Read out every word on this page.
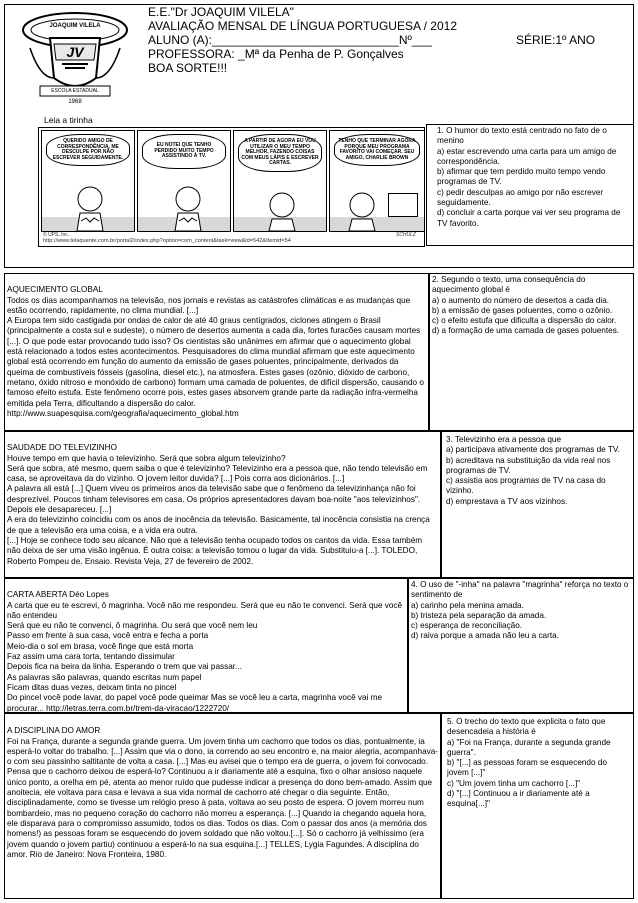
JOAQUIM VILELA
JV
ESCOLA ESTADUAL
1968
E.E."Dr JOAQUIM VILELA"
AVALIAÇÃO MENSAL DE LÍNGUA PORTUGUESA / 2012
ALUNO (A):____________________________Nº___	SÉRIE:1º ANO
PROFESSORA: _Mª da Penha de P. Gonçalves
BOA SORTE!!!
Leia a tirinha
QUERIDO AMIGO DE CORRESPONDÊNCIA, ME DESCULPE POR NÃO ESCREVER SEGUIDAMENTE.
EU NOTEI QUE TENHO PERDIDO MUITO TEMPO ASSISTINDO À TV.
A PARTIR DE AGORA EU VOU UTILIZAR O MEU TEMPO MELHOR, FAZENDO COISAS COM MEUS LÁPIS E ESCREVER CARTAS.
TENHO QUE TERMINAR AGORA PORQUE MEU PROGRAMA FAVORITO VAI COMEÇAR. SEU AMIGO, CHARLIE BROWN
© UPS, Inc.	SCHULZ
http://www.telaquente.com.br/portal2/index.php?option=com_content&task=view&id=542&Itemid=54
1. O humor do texto está centrado no fato de o menino
a) estar escrevendo uma carta para um amigo de correspondência.
b) afirmar que tem perdido muito tempo vendo programas de TV.
c) pedir desculpas ao amigo por não escrever seguidamente.
d) concluir a carta porque vai ver seu programa de TV favorito.

AQUECIMENTO GLOBAL
Todos os dias acompanhamos na televisão, nos jornais e revistas as catástrofes climáticas e as mudanças que estão ocorrendo, rapidamente, no clima mundial. [...]
A Europa tem sido castigada por ondas de calor de até 40 graus centígrados, ciclones atingem o Brasil (principalmente a costa sul e sudeste), o número de desertos aumenta a cada dia, fortes furacões causam mortes [...]. O que pode estar provocando tudo isso? Os cientistas são unânimes em afirmar que o aquecimento global está relacionado a todos estes acontecimentos. Pesquisadores do clima mundial afirmam que este aquecimento global está ocorrendo em função do aumento da emissão de gases poluentes, principalmente, derivados da queima de combustíveis fósseis (gasolina, diesel etc.), na atmosfera. Estes gases (ozônio, dióxido de carbono, metano, óxido nitroso e monóxido de carbono) formam uma camada de poluentes, de difícil dispersão, causando o famoso efeito estufa. Este fenômeno ocorre pois, estes gases absorvem grande parte da radiação infra-vermelha emitida pela Terra, dificultando a dispersão do calor. http://www.suapesquisa.com/geografia/aquecimento_global.htm

2. Segundo o texto, uma consequência do aquecimento global é
a) o aumento do número de desertos a cada dia.
b) a emissão de gases poluentes, como o ozônio.
c) o efeito estufa que dificulta a dispersão do calor.
d) a formação de uma camada de gases poluentes.

SAUDADE DO TELEVIZINHO
Houve tempo em que havia o televizinho. Será que sobra algum televizinho?
Será que sobra, até mesmo, quem saiba o que é televizinho? Televizinho era a pessoa que, não tendo televisão em casa, se aproveitava da do vizinho. O jovem leitor duvida? [...] Pois corra aos dicionários. [...]
A palavra ali está [...] Quem viveu os primeiros anos da televisão sabe que o fenômeno da televizinhança não foi desprezível. Poucos tinham televisores em casa. Os próprios apresentadores davam boa-noite "aos televizinhos". Depois ele desapareceu. [...]
A era do televizinho coincidiu com os anos de inocência da televisão. Basicamente, tal inocência consistia na crença de que a televisão era uma coisa, e a vida era outra.
[...] Hoje se conhece todo seu alcance. Não que a televisão tenha ocupado todos os cantos da vida. Essa também não deixa de ser uma visão ingênua. É outra coisa: a televisão tomou o lugar da vida. Substituiu-a [...]. TOLEDO, Roberto Pompeu de. Ensaio. Revista Veja, 27 de fevereiro de 2002.

3. Televizinho era a pessoa que
a) participava ativamente dos programas de TV.
b) acreditava na substituição da vida real nos programas de TV.
c) assistia aos programas de TV na casa do vizinho.
d) emprestava a TV aos vizinhos.

CARTA ABERTA Déo Lopes
A carta que eu te escrevi, ô magrinha. Você não me respondeu. Será que eu não te convenci. Será que você não entendeu
Será que eu não te convenci, ô magrinha. Ou será que você nem leu
Passo em frente à sua casa, você entra e fecha a porta
Meio-dia o sol em brasa, você finge que está morta
Faz assim uma cara torta, tentando dissimular
Depois fica na beira da linha. Esperando o trem que vai passar...
As palavras são palavras, quando escritas num papel
Ficam ditas duas vezes, deixam tinta no pincel
Do pincel você pode lavar, do papel você pode queimar Mas se você leu a carta, magrinha você vai me procurar... http://letras.terra.com.br/trem-da-viracao/1222720/

4. O uso de "-inha" na palavra "magrinha" reforça no texto o sentimento de
a) carinho pela menina amada.
b) tristeza pela separação da amada.
c) esperança de reconciliação.
d) raiva porque a amada não leu a carta.

A DISCIPLINA DO AMOR
Foi na França, durante a segunda grande guerra. Um jovem tinha um cachorro que todos os dias, pontualmente, ia esperá-lo voltar do trabalho. [...] Assim que via o dono, ia correndo ao seu encontro e, na maior alegria, acompanhava-o com seu passinho saltitante de volta a casa. [...] Mas eu avisei que o tempo era de guerra, o jovem foi convocado. Pensa que o cachorro deixou de esperá-lo? Continuou a ir diariamente até a esquina, fixo o olhar ansioso naquele único ponto, a orelha em pé, atenta ao menor ruído que pudesse indicar a presença do dono bem-amado. Assim que anoitecia, ele voltava para casa e levava a sua vida normal de cachorro até chegar o dia seguinte. Então, disciplinadamente, como se tivesse um relógio preso à pata, voltava ao seu posto de espera. O jovem morreu num bombardeio, mas no pequeno coração do cachorro não morreu a esperança. [...] Quando ia chegando aquela hora, ele disparava para o compromisso assumido, todos os dias. Todos os dias. Com o passar dos anos (a memória dos homens!) as pessoas foram se esquecendo do jovem soldado que não voltou.[...]. Só o cachorro já velhíssimo (era jovem quando o jovem partiu) continuou a esperá-lo na sua esquina.[...] TELLES, Lygia Fagundes. A disciplina do amor. Rio de Janeiro: Nova Fronteira, 1980.

5. O trecho do texto que explicita o fato que desencadeia a história é
a) "Foi na França, durante a segunda grande guerra".
b) "[...] as pessoas foram se esquecendo do jovem [...]"
c) "Um jovem tinha um cachorro [...]"
d) "[...] Continuou a ir diariamente até a esquina[...]"
